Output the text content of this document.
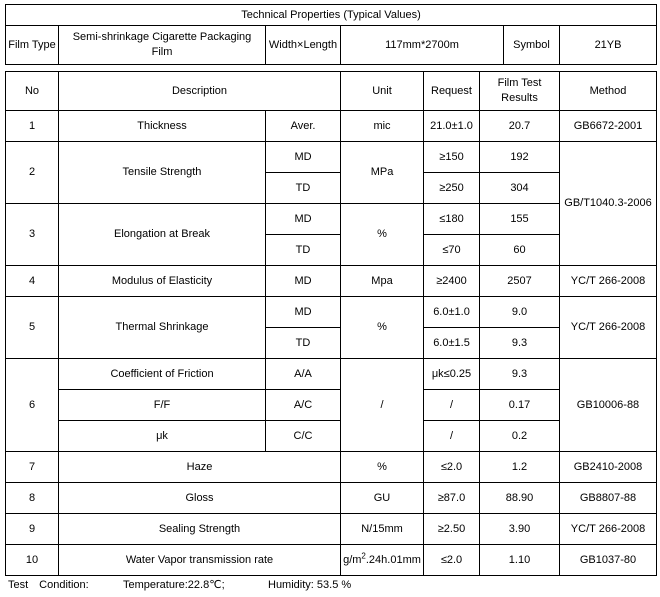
Technical Properties (Typical Values)
Film Type	Semi-shrinkage Cigarette Packaging Film	Width×Length	117mm*2700m	Symbol	21YB
No	Description		Unit	Request	Film Test Results	Method
1	Thickness	Aver.	mic	21.0±1.0	20.7	GB6672-2001
2	Tensile Strength	MD	MPa	≥150	192	GB/T1040.3-2006
		TD		≥250	304	
3	Elongation at Break	MD	%	≤180	155	
		TD		≤70	60	
4	Modulus of Elasticity	MD	Mpa	≥2400	2507	YC/T 266-2008
5	Thermal Shrinkage	MD	%	6.0±1.0	9.0	YC/T 266-2008
		TD		6.0±1.5	9.3	
6	Coefficient of Friction	A/A	/	μk≤0.25	9.3	GB10006-88
	F/F	A/C		/	0.17	
	μk	C/C		/	0.2	
7	Haze		%	≤2.0	1.2	GB2410-2008
8	Gloss		GU	≥87.0	88.90	GB8807-88
9	Sealing Strength		N/15mm	≥2.50	3.90	YC/T 266-2008
10	Water Vapor transmission rate		$g/m^2.24h.01mm$	≤2.0	1.10	GB1037-80
Test　Condition:	Temperature:22.8℃;	Humidity: 53.5 %
